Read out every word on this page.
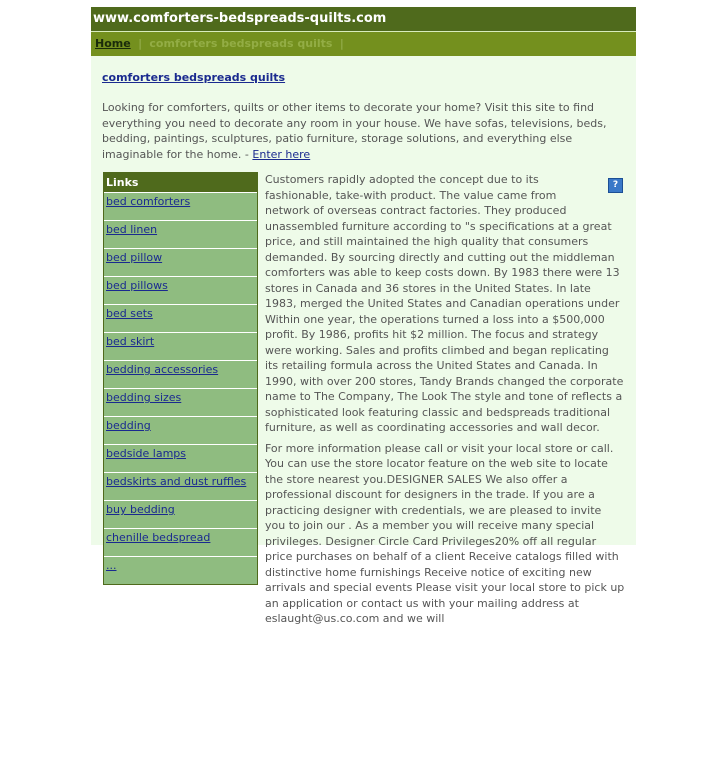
www.comforters-bedspreads-quilts.com
Home | comforters bedspreads quilts |
comforters bedspreads quilts
Looking for comforters, quilts or other items to decorate your home? Visit this site to find everything you need to decorate any room in your house. We have sofas, televisions, beds, bedding, paintings, sculptures, patio furniture, storage solutions, and everything else imaginable for the home. - Enter here
Links
bed comforters
bed linen
bed pillow
bed pillows
bed sets
bed skirt
bedding accessories
bedding sizes
bedding
bedside lamps
bedskirts and dust ruffles
buy bedding
chenille bedspread
...
?

Customers rapidly adopted the concept due to its fashionable, take-with product. The value came from network of overseas contract factories. They produced unassembled furniture according to "s specifications at a great price, and still maintained the high quality that consumers demanded. By sourcing directly and cutting out the middleman comforters was able to keep costs down. By 1983 there were 13 stores in Canada and 36 stores in the United States. In late 1983, merged the United States and Canadian operations under Within one year, the operations turned a loss into a $500,000 profit. By 1986, profits hit $2 million. The focus and strategy were working. Sales and profits climbed and began replicating its retailing formula across the United States and Canada. In 1990, with over 200 stores, Tandy Brands changed the corporate name to The Company, The Look The style and tone of reflects a sophisticated look featuring classic and bedspreads traditional furniture, as well as coordinating accessories and wall decor.

For more information please call or visit your local store or call. You can use the store locator feature on the web site to locate the store nearest you.DESIGNER SALES We also offer a professional discount for designers in the trade. If you are a practicing designer with credentials, we are pleased to invite you to join our . As a member you will receive many special privileges. Designer Circle Card Privileges20% off all regular price purchases on behalf of a client Receive catalogs filled with distinctive home furnishings Receive notice of exciting new arrivals and special events Please visit your local store to pick up an application or contact us with your mailing address at eslaught@us.co.com and we will
